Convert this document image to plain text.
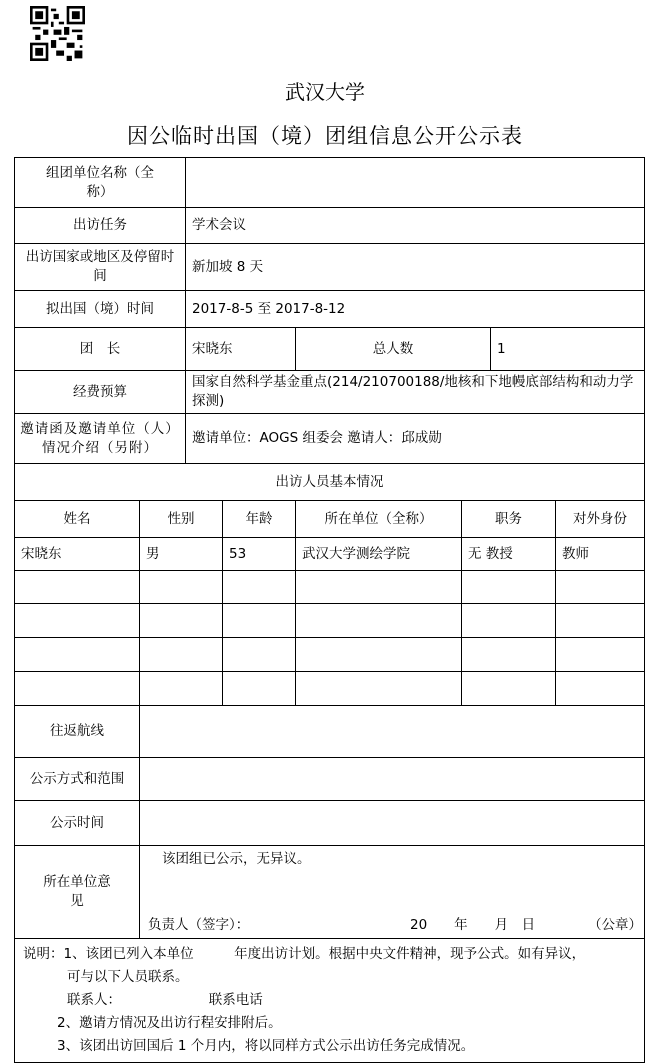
武汉大学
因公临时出国（境）团组信息公开公示表
组团单位名称（全称）							
出访任务		学术会议					
出访国家或地区及停留时间		新加坡 8 天					
拟出国（境）时间		2017-8-5 至 2017-8-12					
团　长		宋晓东		总人数		1	
经费预算		国家自然科学基金重点(214/210700188/地核和下地幔底部结构和动力学探测)					
邀请函及邀请单位（人）情况介绍（另附）		邀请单位：AOGS 组委会 邀请人：邱成勋					
出访人员基本情况							
姓名	性别		年龄	所在单位（全称）	职务		对外身份
宋晓东	男		53	武汉大学测绘学院	无 教授		教师

往返航线							
公示方式和范围							
公示时间							
所在单位意见	该团组已公示，无异议。
负责人（签字）： 20　　年　　月　日 （公章）						

说明：1、该团已列入本单位　　　年度出访计划。根据中央文件精神，现予公式。如有异议，
可与以下人员联系。
联系人：　　　　　　　联系电话
2、邀请方情况及出访行程安排附后。
3、该团出访回国后 1 个月内，将以同样方式公示出访任务完成情况。							
